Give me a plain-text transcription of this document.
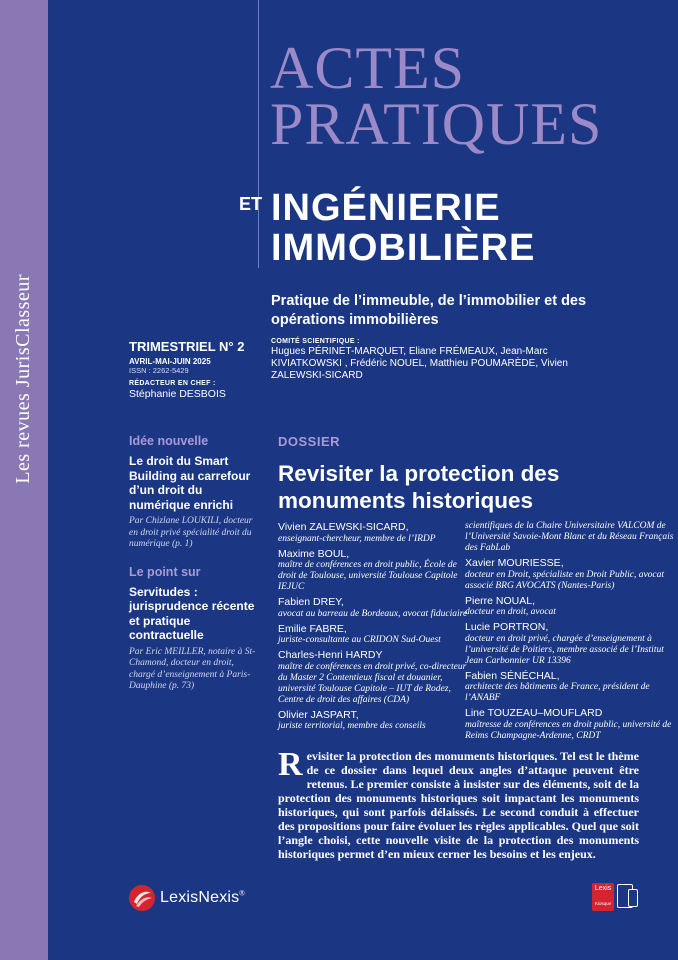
Les revues JurisClasseur
ACTES
PRATIQUES
ET INGÉNIERIE
IMMOBILIÈRE
Pratique de l’immeuble, de l’immobilier et des opérations immobilières
TRIMESTRIEL N° 2
AVRIL-MAI-JUIN 2025
ISSN : 2262-5429
RÉDACTEUR EN CHEF :
Stéphanie DESBOIS
COMITÉ SCIENTIFIQUE :
Hugues PÉRINET-MARQUET, Eliane FRÉMEAUX, Jean-Marc KIVIATKOWSKI , Frédéric NOUEL, Matthieu POUMARÈDE, Vivien ZALEWSKI-SICARD
Idée nouvelle
Le droit du Smart Building au carrefour d’un droit du numérique enrichi
Par Chizlane LOUKILI, docteur en droit privé spécialité droit du numérique (p. 1)
Le point sur
Servitudes : jurisprudence récente et pratique contractuelle
Par Eric MEILLER, notaire à St-Chamond, docteur en droit, chargé d’enseignement à Paris-Dauphine (p. 73)
DOSSIER
Revisiter la protection des monuments historiques
Vivien ZALEWSKI-SICARD,
enseignant-chercheur, membre de l’IRDP
Maxime BOUL,
maître de conférences en droit public, École de droit de Toulouse, université Toulouse Capitole IEJUC
Fabien DREY,
avocat au barreau de Bordeaux, avocat fiduciaire
Emilie FABRE,
juriste-consultante au CRIDON Sud-Ouest
Charles-Henri HARDY
maître de conférences en droit privé, co-directeur du Master 2 Contentieux fiscal et douanier, université Toulouse Capitole – IUT de Rodez, Centre de droit des affaires (CDA)
Olivier JASPART,
juriste territorial, membre des conseils
scientifiques de la Chaire Universitaire VALCOM de l’Université Savoie-Mont Blanc et du Réseau Français des FabLab
Xavier MOURIESSE,
docteur en Droit, spécialiste en Droit Public, avocat associé BRG AVOCATS (Nantes-Paris)
Pierre NOUAL,
docteur en droit, avocat
Lucie PORTRON,
docteur en droit privé, chargée d’enseignement à l’université de Poitiers, membre associé de l’Institut Jean Carbonnier UR 13396
Fabien SÉNÉCHAL,
architecte des bâtiments de France, président de l’ANABF
Line TOUZEAU–MOUFLARD
maîtresse de conférences en droit public, université de Reims Champagne-Ardenne, CRDT
Revisiter la protection des monuments historiques. Tel est le thème de ce dossier dans lequel deux angles d’attaque peuvent être retenus. Le premier consiste à insister sur des éléments, soit de la protection des monuments historiques soit impactant les monuments historiques, qui sont parfois délaissés. Le second conduit à effectuer des propositions pour faire évoluer les règles applicables. Quel que soit l’angle choisi, cette nouvelle visite de la protection des monuments historiques permet d’en mieux cerner les besoins et les enjeux.
LexisNexis®
Lexis
Kiosque
